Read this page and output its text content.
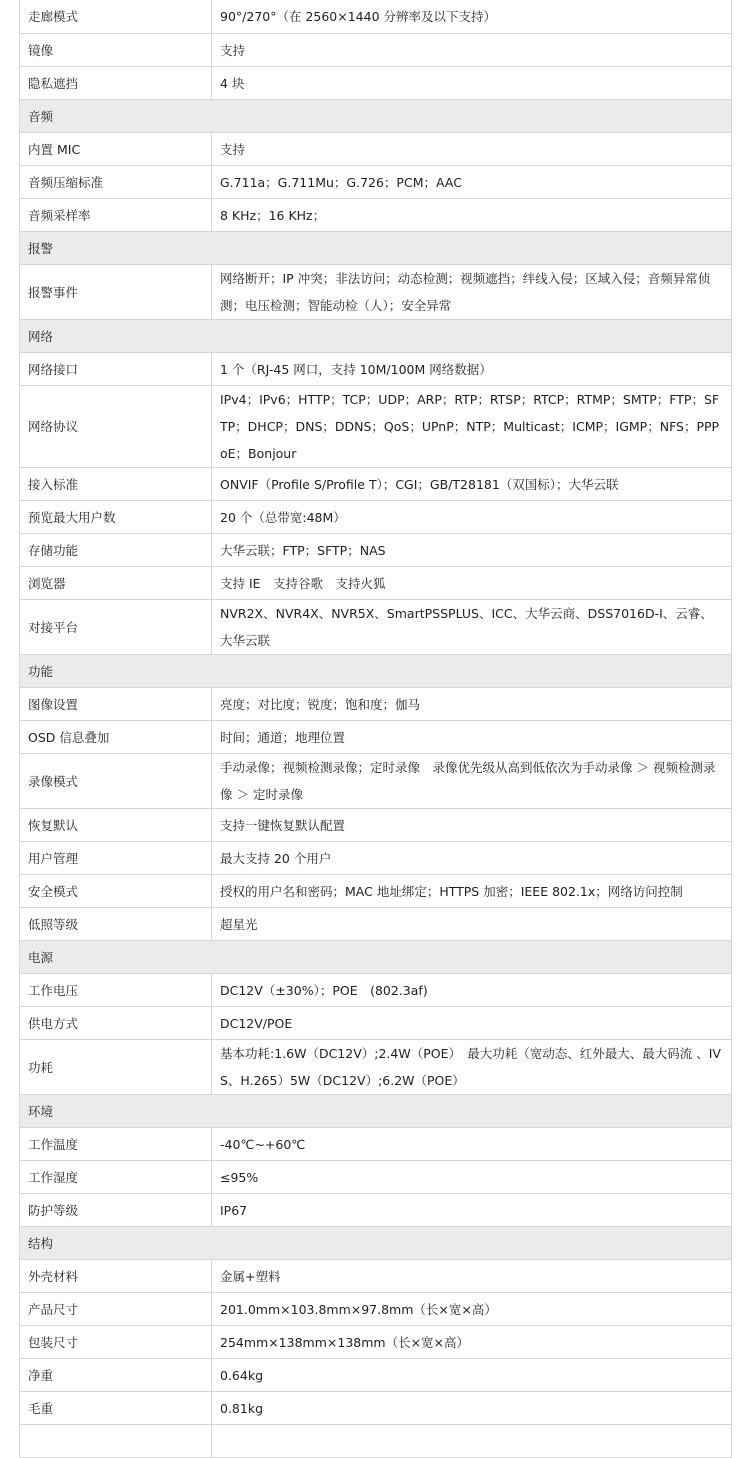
走廊模式	90°/270°（在 2560×1440 分辨率及以下支持）
镜像	支持
隐私遮挡	4 块
音频	
内置 MIC	支持
音频压缩标准	G.711a；G.711Mu；G.726；PCM；AAC
音频采样率	8 KHz；16 KHz；
报警	
报警事件	网络断开；IP 冲突；非法访问；动态检测；视频遮挡；绊线入侵；区域入侵；音频异常侦测；电压检测；智能动检（人）；安全异常
网络	
网络接口	1 个（RJ-45 网口，支持 10M/100M 网络数据）
网络协议	IPv4；IPv6；HTTP；TCP；UDP；ARP；RTP；RTSP；RTCP；RTMP；SMTP；FTP；SFTP；DHCP；DNS；DDNS；QoS；UPnP；NTP；Multicast；ICMP；IGMP；NFS；PPPoE；Bonjour
接入标准	ONVIF（Profile S/Profile T）；CGI；GB/T28181（双国标）；大华云联
预览最大用户数	20 个（总带宽:48M）
存储功能	大华云联；FTP；SFTP；NAS
浏览器	支持 IE　支持谷歌　支持火狐
对接平台	NVR2X、NVR4X、NVR5X、SmartPSSPLUS、ICC、大华云商、DSS7016D-I、云睿、大华云联
功能	
图像设置	亮度；对比度；锐度；饱和度；伽马
OSD 信息叠加	时间；通道；地理位置
录像模式	手动录像；视频检测录像；定时录像　录像优先级从高到低依次为手动录像 ＞ 视频检测录像 ＞ 定时录像
恢复默认	支持一键恢复默认配置
用户管理	最大支持 20 个用户
安全模式	授权的用户名和密码；MAC 地址绑定；HTTPS 加密；IEEE 802.1x；网络访问控制
低照等级	超星光
电源	
工作电压	DC12V（±30%）；POE　(802.3af)
供电方式	DC12V/POE
功耗	基本功耗:1.6W（DC12V）;2.4W（POE）　最大功耗（宽动态、红外最大、最大码流 、IVS、H.265）5W（DC12V）;6.2W（POE）
环境	
工作温度	-40℃~+60℃
工作湿度	≤95%
防护等级	IP67
结构	
外壳材料	金属+塑料
产品尺寸	201.0mm×103.8mm×97.8mm（长×宽×高）
包装尺寸	254mm×138mm×138mm（长×宽×高）
净重	0.64kg
毛重	0.81kg
